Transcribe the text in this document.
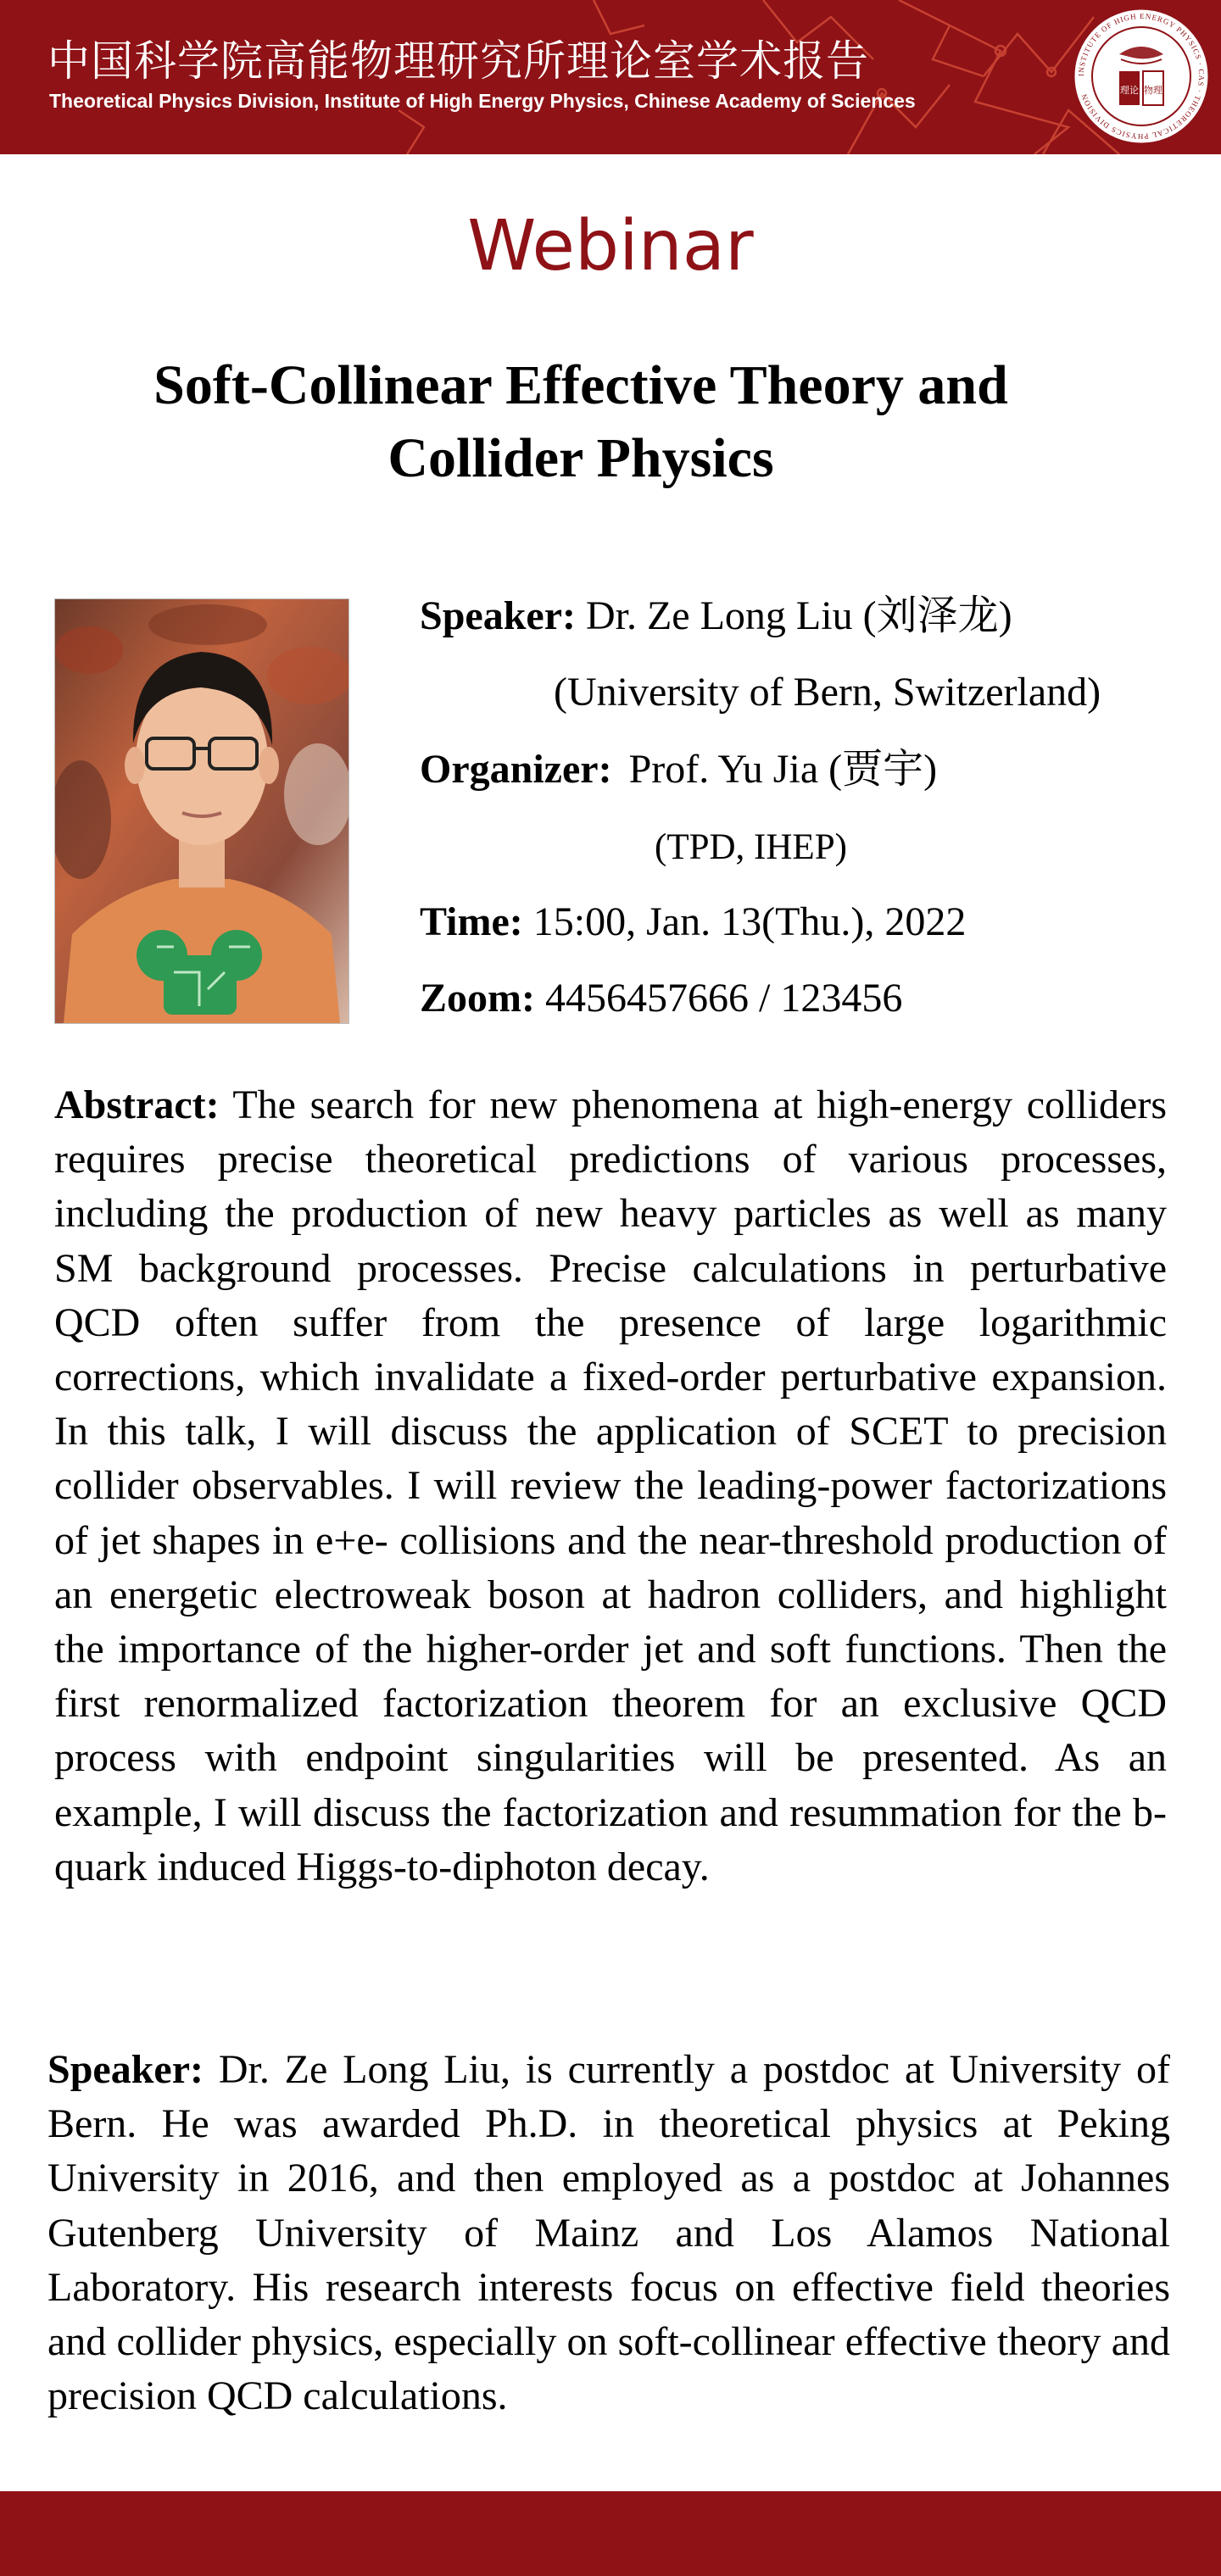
中国科学院高能物理研究所理论室学术报告
Theoretical Physics Division, Institute of High Energy Physics, Chinese Academy of Sciences
INSTITUTE OF HIGH ENERGY PHYSICS · CAS · THEORETICAL PHYSICS DIVISION
理论 物理
Webinar
Soft-Collinear Effective Theory and
Collider Physics
Speaker: Dr. Ze Long Liu (刘泽龙)
(University of Bern, Switzerland)
Organizer: Prof. Yu Jia (贾宇)
(TPD, IHEP)
Time: 15:00, Jan. 13(Thu.), 2022
Zoom: 4456457666 / 123456
Abstract: The search for new phenomena at high-energy colliders requires precise theoretical predictions of various processes, including the production of new heavy particles as well as many SM background processes. Precise calculations in perturbative QCD often suffer from the presence of large logarithmic corrections, which invalidate a fixed-order perturbative expansion. In this talk, I will discuss the application of SCET to precision collider observables. I will review the leading-power factorizations of jet shapes in e+e- collisions and the near-threshold production of an energetic electroweak boson at hadron colliders, and highlight the importance of the higher-order jet and soft functions. Then the first renormalized factorization theorem for an exclusive QCD process with endpoint singularities will be presented. As an example, I will discuss the factorization and resummation for the b-quark induced Higgs-to-diphoton decay.
Speaker: Dr. Ze Long Liu, is currently a postdoc at University of Bern. He was awarded Ph.D. in theoretical physics at Peking University in 2016, and then employed as a postdoc at Johannes Gutenberg University of Mainz and Los Alamos National Laboratory. His research interests focus on effective field theories and collider physics, especially on soft-collinear effective theory and precision QCD calculations.
